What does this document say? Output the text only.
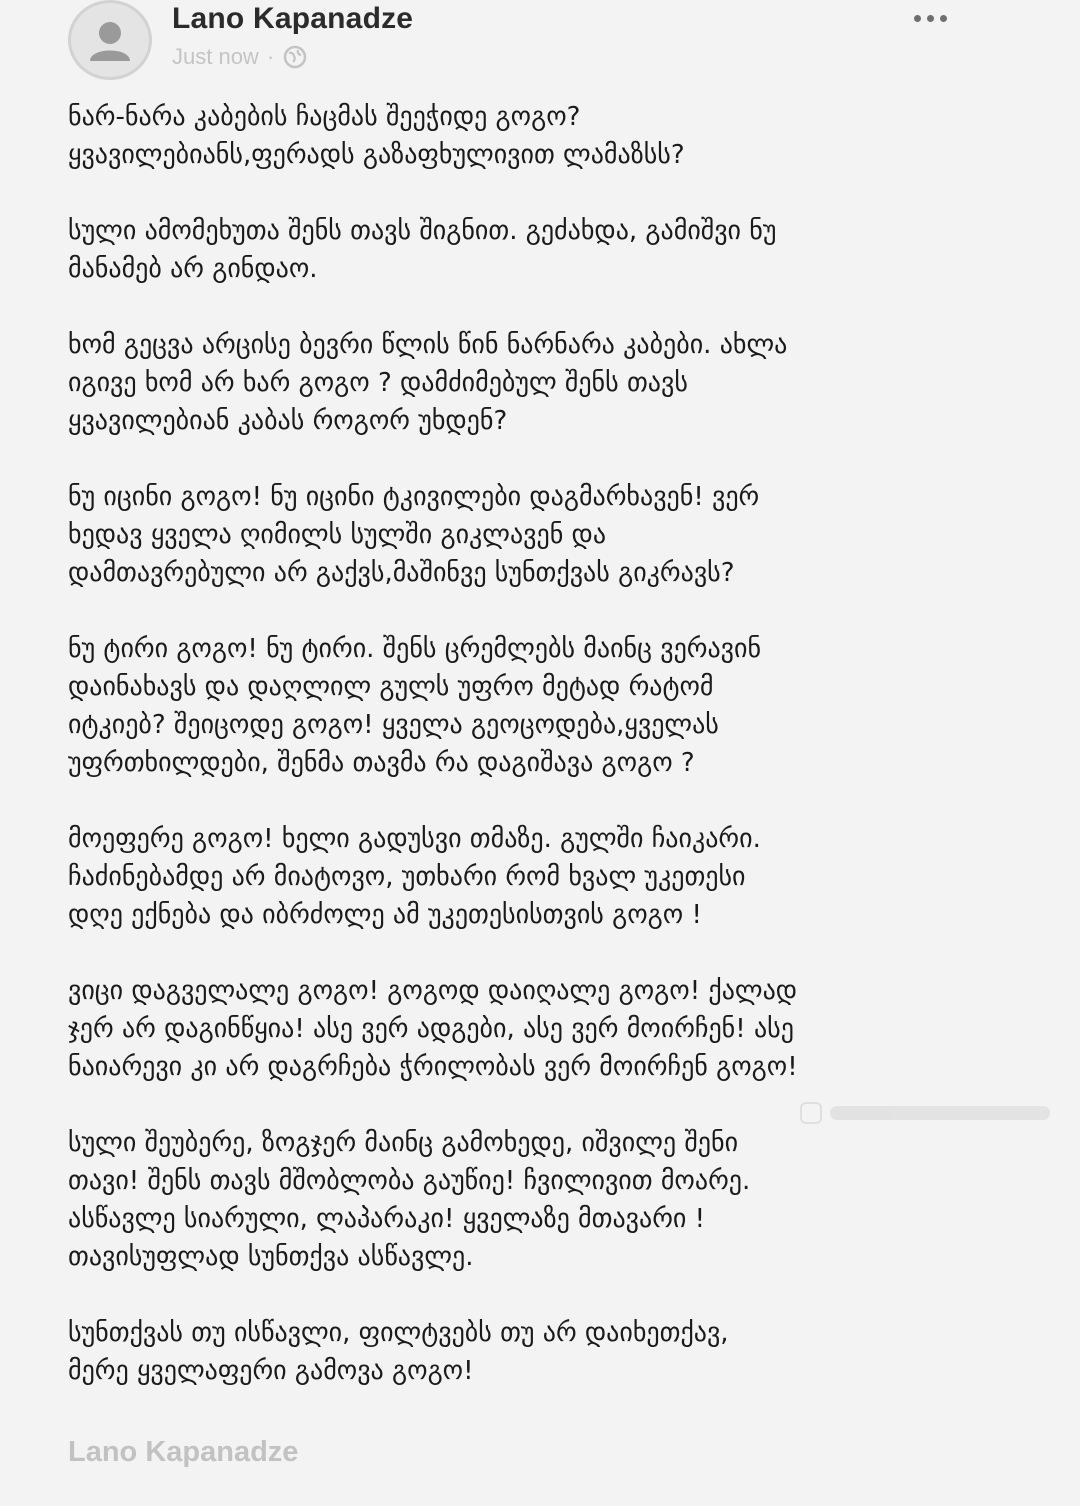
Lano Kapanadze
Just now ·
ნარ-ნარა კაბების ჩაცმას შეეჭიდე გოგო?
ყვავილებიანს,ფერადს გაზაფხულივით ლამაზსს?
სული ამომეხუთა შენს თავს შიგნით. გეძახდა, გამიშვი ნუ
მანამებ არ გინდაო.
ხომ გეცვა არცისე ბევრი წლის წინ ნარნარა კაბები. ახლა
იგივე ხომ არ ხარ გოგო ? დამძიმებულ შენს თავს
ყვავილებიან კაბას როგორ უხდენ?
ნუ იცინი გოგო! ნუ იცინი ტკივილები დაგმარხავენ! ვერ
ხედავ ყველა ღიმილს სულში გიკლავენ და
დამთავრებული არ გაქვს,მაშინვე სუნთქვას გიკრავს?
ნუ ტირი გოგო! ნუ ტირი. შენს ცრემლებს მაინც ვერავინ
დაინახავს და დაღლილ გულს უფრო მეტად რატომ
იტკიებ? შეიცოდე გოგო! ყველა გეოცოდება,ყველას
უფრთხილდები, შენმა თავმა რა დაგიშავა გოგო ?
მოეფერე გოგო! ხელი გადუსვი თმაზე. გულში ჩაიკარი.
ჩაძინებამდე არ მიატოვო, უთხარი რომ ხვალ უკეთესი
დღე ექნება და იბრძოლე ამ უკეთესისთვის გოგო !
ვიცი დაგველალე გოგო! გოგოდ დაიღალე გოგო! ქალად
ჯერ არ დაგინწყია! ასე ვერ ადგები, ასე ვერ მოირჩენ! ასე
ნაიარევი კი არ დაგრჩება ჭრილობას ვერ მოირჩენ გოგო!
სული შეუბერე, ზოგჯერ მაინც გამოხედე, იშვილე შენი
თავი! შენს თავს მშობლობა გაუწიე! ჩვილივით მოარე.
ასწავლე სიარული, ლაპარაკი! ყველაზე მთავარი !
თავისუფლად სუნთქვა ასწავლე.
სუნთქვას თუ ისწავლი, ფილტვებს თუ არ დაიხეთქავ,
მერე ყველაფერი გამოვა გოგო!
Lano Kapanadze
